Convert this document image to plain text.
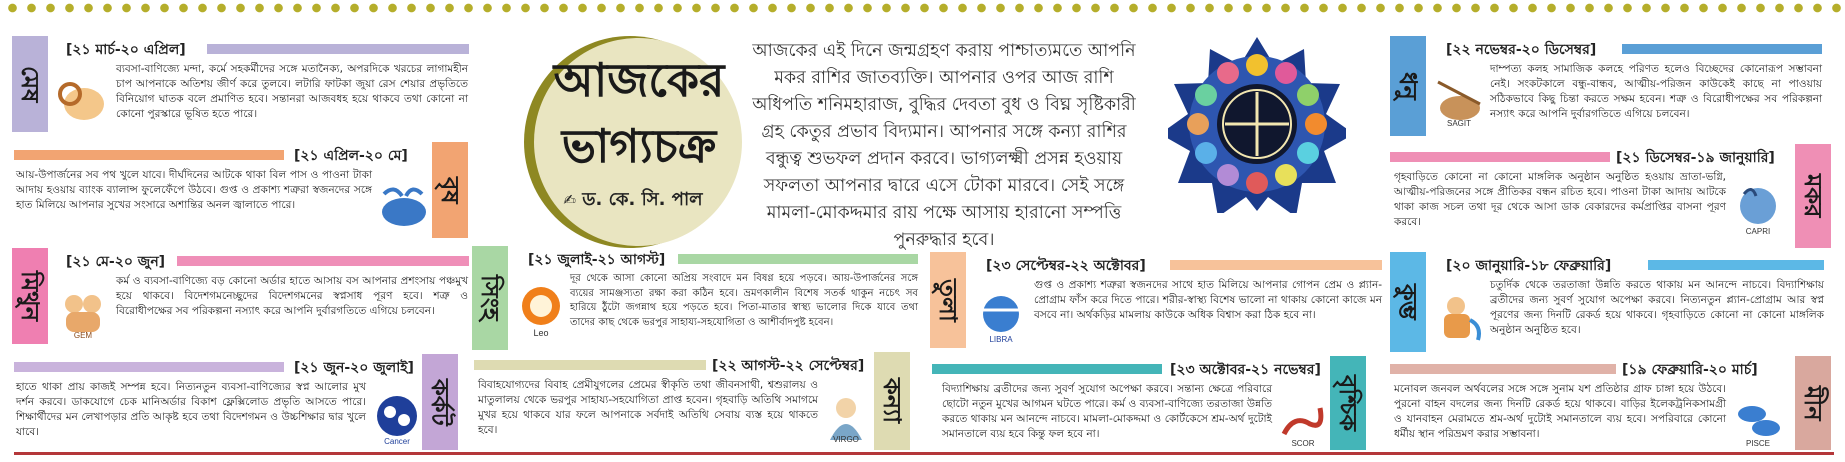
আজকের ভাগ্যচক্র
✍ ড. কে. সি. পাল
আজকের এই দিনে জন্মগ্রহণ করায় পাশ্চাত্যমতে আপনি মকর রাশির জাতব্যক্তি। আপনার ওপর আজ রাশি অধিপতি শনিমহারাজ, বুদ্ধির দেবতা বুধ ও বিঘ্ন সৃষ্টিকারী গ্রহ কেতুর প্রভাব বিদ্যমান। আপনার সঙ্গে কন্যা রাশির বন্ধুত্ব শুভফল প্রদান করবে। ভাগ্যলক্ষ্মী প্রসন্ন হওয়ায় সফলতা আপনার দ্বারে এসে টোকা মারবে। সেই সঙ্গে মামলা-মোকদ্দমার রায় পক্ষে আসায় হারানো সম্পত্তি পুনরুদ্ধার হবে।
মেষ
[২১ মার্চ-২০ এপ্রিল]
ব্যবসা-বাণিজ্যে মন্দা, কর্মে সহকর্মীদের সঙ্গে মতানৈক্য, অপরদিকে খরচের লাগামহীন চাপ আপনাকে অতিশয় জীর্ণ করে তুলবে। লটারি ফাটকা জুয়া রেস শেয়ার প্রভৃতিতে বিনিয়োগ ঘাতক বলে প্রমাণিত হবে। সন্তানরা আজবধহ হয়ে থাকবে তথা কোনো না কোনো পুরস্কারে ভূষিত হতে পারে।
বৃষ
[২১ এপ্রিল-২০ মে]
আয়-উপার্জনের সব পথ খুলে যাবে। দীর্ঘদিনের আটকে থাকা বিল পাস ও পাওনা টাকা আদায় হওয়ায় ব্যাংক ব্যালান্স ফুলেফেঁপে উঠবে। গুপ্ত ও প্রকাশ্য শত্রুরা স্বজনদের সঙ্গে হাত মিলিয়ে আপনার সুখের সংসারে অশান্তির অনল জ্বালাতে পারে।
মিথুন
[২১ মে-২০ জুন]
GEM
কর্ম ও ব্যবসা-বাণিজ্যে বড় কোনো অর্ডার হাতে আসায় বস আপনার প্রশংসায় পঞ্চমুখ হয়ে থাকবে। বিদেশগমনেচ্ছুদের বিদেশগমনের স্বপ্নসাধ পূরণ হবে। শত্রু ও বিরোধীপক্ষের সব পরিকল্পনা নস্যাৎ করে আপনি দুর্বারগতিতে এগিয়ে চলবেন।
কর্কট
[২১ জুন-২০ জুলাই]
হাতে থাকা প্রায় কাজই সম্পন্ন হবে। নিত্যনতুন ব্যবসা-বাণিজ্যের স্বপ্ন আলোর মুখ দর্শন করবে। ডাকযোগে চেক মানিঅর্ডার বিকাশ ফ্লেক্সিলোড প্রভৃতি আসতে পারে। শিক্ষার্থীদের মন লেখাপড়ার প্রতি আকৃষ্ট হবে তথা বিদেশগমন ও উচ্চশিক্ষার দ্বার খুলে যাবে।
Cancer
সিংহ
[২১ জুলাই-২১ আগস্ট]
Leo
দূর থেকে আসা কোনো অপ্রিয় সংবাদে মন বিষণ্ণ হয়ে পড়বে। আয়-উপার্জনের সঙ্গে ব্যয়ের সামঞ্জস্যতা রক্ষা করা কঠিন হবে। ভ্রমণকালীন বিশেষ সতর্ক থাকুন নচেৎ সব হারিয়ে ঠুঁটো জগন্নাথ হয়ে পড়তে হবে। পিতা-মাতার স্বাস্থ্য ভালোর দিকে যাবে তথা তাদের কাছ থেকে ভরপুর সাহায্য-সহযোগিতা ও আশীর্বাদপুষ্ট হবেন।
কন্যা
[২২ আগস্ট-২২ সেপ্টেম্বর]
বিবাহযোগ্যদের বিবাহ প্রেমীযুগলের প্রেমের স্বীকৃতি তথা জীবনসাথী, শ্বশুরালয় ও মাতুলালয় থেকে ভরপুর সাহায্য-সহযোগিতা প্রাপ্ত হবেন। গৃহবাড়ি অতিথি সমাগমে মুখর হয়ে থাকবে যার ফলে আপনাকে সর্বদাই অতিথি সেবায় ব্যস্ত হয়ে থাকতে হবে।
VIRGO
তুলা
[২৩ সেপ্টেম্বর-২২ অক্টোবর]
LIBRA
গুপ্ত ও প্রকাশ্য শত্রুরা স্বজনদের সাথে হাত মিলিয়ে আপনার গোপন প্রেম ও প্ল্যান-প্রোগ্রাম ফাঁস করে দিতে পারে। শরীর-স্বাস্থ্য বিশেষ ভালো না থাকায় কোনো কাজে মন বসবে না। অর্থকড়ির মামলায় কাউকে অধিক বিশ্বাস করা ঠিক হবে না।
বৃশ্চিক
[২৩ অক্টোবর-২১ নভেম্বর]
বিদ্যাশিক্ষায় ব্রতীদের জন্য সুবর্ণ সুযোগ অপেক্ষা করবে। সন্তান্য ক্ষেত্রে পরিবারে ছোটো নতুন মুখের আগমন ঘটতে পারে। কর্ম ও ব্যবসা-বাণিজ্যে তরতাজা উন্নতি করতে থাকায় মন আনন্দে নাচবে। মামলা-মোকদ্দমা ও কোর্টকেসে শ্রম-অর্থ দুটোই সমানতালে ব্যয় হবে কিন্তু ফল হবে না।
SCOR
ধনু
[২২ নভেম্বর-২০ ডিসেম্বর]
SAGIT
দাম্পত্য কলহ সামাজিক কলহে পরিণত হলেও বিচ্ছেদের কোনোরূপ সম্ভাবনা নেই। সংকটকালে বন্ধু-বান্ধব, আত্মীয়-পরিজন কাউকেই কাছে না পাওয়ায় সঠিকভাবে কিছু চিন্তা করতে সক্ষম হবেন। শত্রু ও বিরোধীপক্ষের সব পরিকল্পনা নস্যাৎ করে আপনি দুর্বারগতিতে এগিয়ে চলবেন।
মকর
[২১ ডিসেম্বর-১৯ জানুয়ারি]
গৃহবাড়িতে কোনো না কোনো মাঙ্গলিক অনুষ্ঠান অনুষ্ঠিত হওয়ায় ভ্রাতা-ভগ্নি, আত্মীয়-পরিজনের সঙ্গে প্রীতিকর বন্ধন রচিত হবে। পাওনা টাকা আদায় আটকে থাকা কাজ সচল তথা দূর থেকে আসা ডাক বেকারদের কর্মপ্রাপ্তির বাসনা পূরণ করবে।
CAPRI
কুম্ভ
[২০ জানুয়ারি-১৮ ফেব্রুয়ারি]
চতুর্দিক থেকে তরতাজা উন্নতি করতে থাকায় মন আনন্দে নাচবে। বিদ্যাশিক্ষায় ব্রতীদের জন্য সুবর্ণ সুযোগ অপেক্ষা করবে। নিত্যনতুন প্ল্যান-প্রোগ্রাম আর স্বপ্ন পূরণের জন্য দিনটি রেকর্ড হয়ে থাকবে। গৃহবাড়িতে কোনো না কোনো মাঙ্গলিক অনুষ্ঠান অনুষ্ঠিত হবে।
মীন
[১৯ ফেব্রুয়ারি-২০ মার্চ]
মনোবল জনবল অর্থবলের সঙ্গে সঙ্গে সুনাম যশ প্রতিষ্ঠার গ্রাফ চাঙ্গা হয়ে উঠবে। পুরনো বাহন বদলের জন্য দিনটি রেকর্ড হয়ে থাকবে। বাড়ির ইলেকট্রনিকসামগ্রী ও যানবাহন মেরামতে শ্রম-অর্থ দুটোই সমানতালে ব্যয় হবে। সপরিবারে কোনো ধর্মীয় স্থান পরিভ্রমণ করার সম্ভাবনা।
PISCE
